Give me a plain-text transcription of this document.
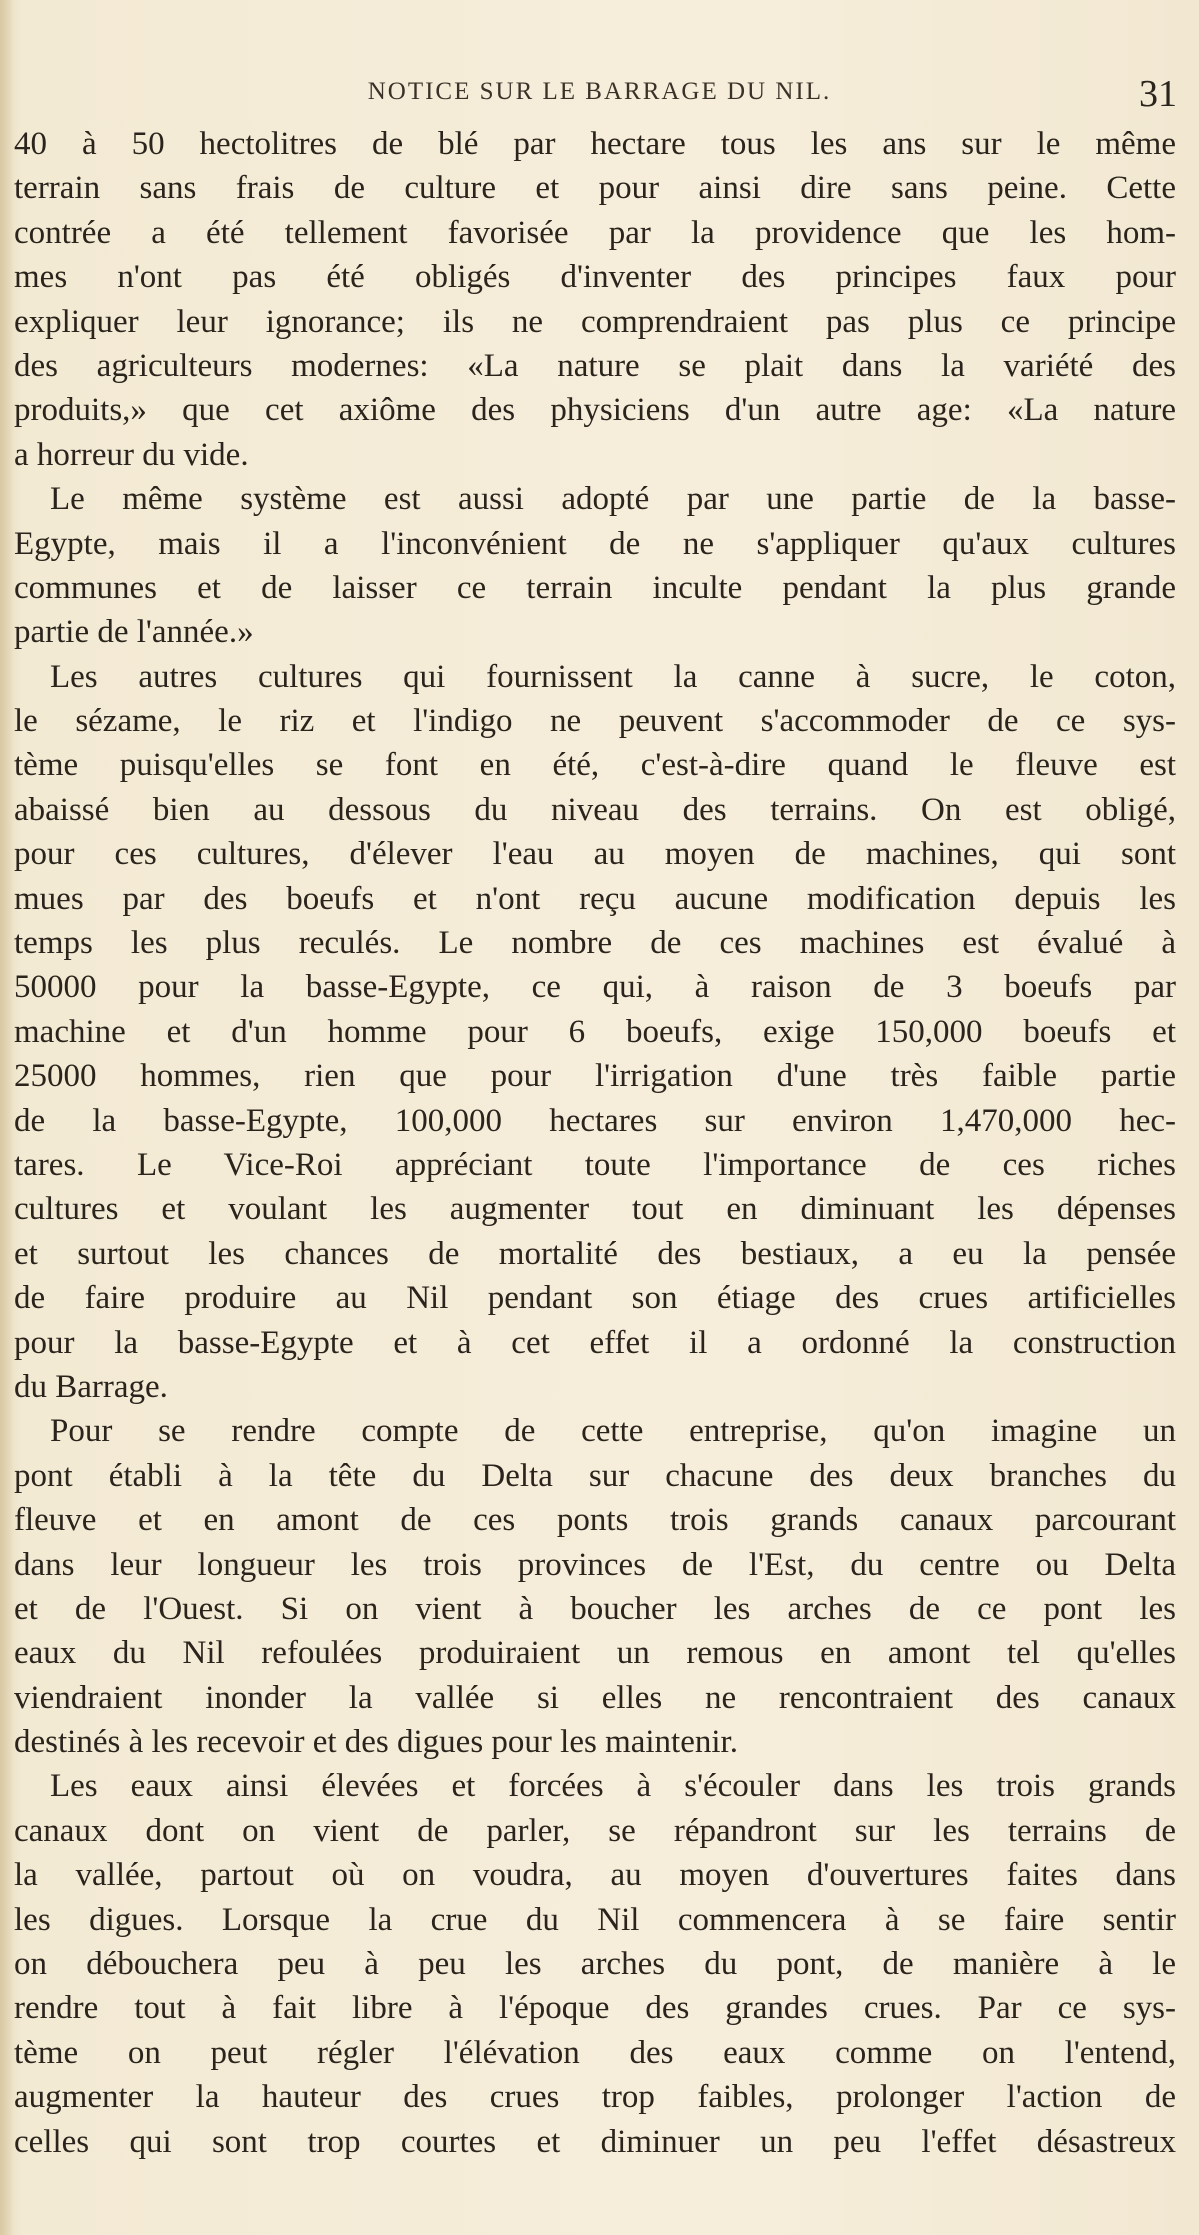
NOTICE SUR LE BARRAGE DU NIL.	31
40 à 50 hectolitres de blé par hectare tous les ans sur le même
terrain sans frais de culture et pour ainsi dire sans peine. Cette
contrée a été tellement favorisée par la providence que les hom-
mes n'ont pas été obligés d'inventer des principes faux pour
expliquer leur ignorance; ils ne comprendraient pas plus ce principe
des agriculteurs modernes: «La nature se plait dans la variété des
produits,» que cet axiôme des physiciens d'un autre age: «La nature
a horreur du vide.
Le même système est aussi adopté par une partie de la basse-
Egypte, mais il a l'inconvénient de ne s'appliquer qu'aux cultures
communes et de laisser ce terrain inculte pendant la plus grande
partie de l'année.»
Les autres cultures qui fournissent la canne à sucre, le coton,
le sézame, le riz et l'indigo ne peuvent s'accommoder de ce sys-
tème puisqu'elles se font en été, c'est-à-dire quand le fleuve est
abaissé bien au dessous du niveau des terrains. On est obligé,
pour ces cultures, d'élever l'eau au moyen de machines, qui sont
mues par des boeufs et n'ont reçu aucune modification depuis les
temps les plus reculés. Le nombre de ces machines est évalué à
50000 pour la basse-Egypte, ce qui, à raison de 3 boeufs par
machine et d'un homme pour 6 boeufs, exige 150,000 boeufs et
25000 hommes, rien que pour l'irrigation d'une très faible partie
de la basse-Egypte, 100,000 hectares sur environ 1,470,000 hec-
tares. Le Vice-Roi appréciant toute l'importance de ces riches
cultures et voulant les augmenter tout en diminuant les dépenses
et surtout les chances de mortalité des bestiaux, a eu la pensée
de faire produire au Nil pendant son étiage des crues artificielles
pour la basse-Egypte et à cet effet il a ordonné la construction
du Barrage.
Pour se rendre compte de cette entreprise, qu'on imagine un
pont établi à la tête du Delta sur chacune des deux branches du
fleuve et en amont de ces ponts trois grands canaux parcourant
dans leur longueur les trois provinces de l'Est, du centre ou Delta
et de l'Ouest. Si on vient à boucher les arches de ce pont les
eaux du Nil refoulées produiraient un remous en amont tel qu'elles
viendraient inonder la vallée si elles ne rencontraient des canaux
destinés à les recevoir et des digues pour les maintenir.
Les eaux ainsi élevées et forcées à s'écouler dans les trois grands
canaux dont on vient de parler, se répandront sur les terrains de
la vallée, partout où on voudra, au moyen d'ouvertures faites dans
les digues. Lorsque la crue du Nil commencera à se faire sentir
on débouchera peu à peu les arches du pont, de manière à le
rendre tout à fait libre à l'époque des grandes crues. Par ce sys-
tème on peut régler l'élévation des eaux comme on l'entend,
augmenter la hauteur des crues trop faibles, prolonger l'action de
celles qui sont trop courtes et diminuer un peu l'effet désastreux
